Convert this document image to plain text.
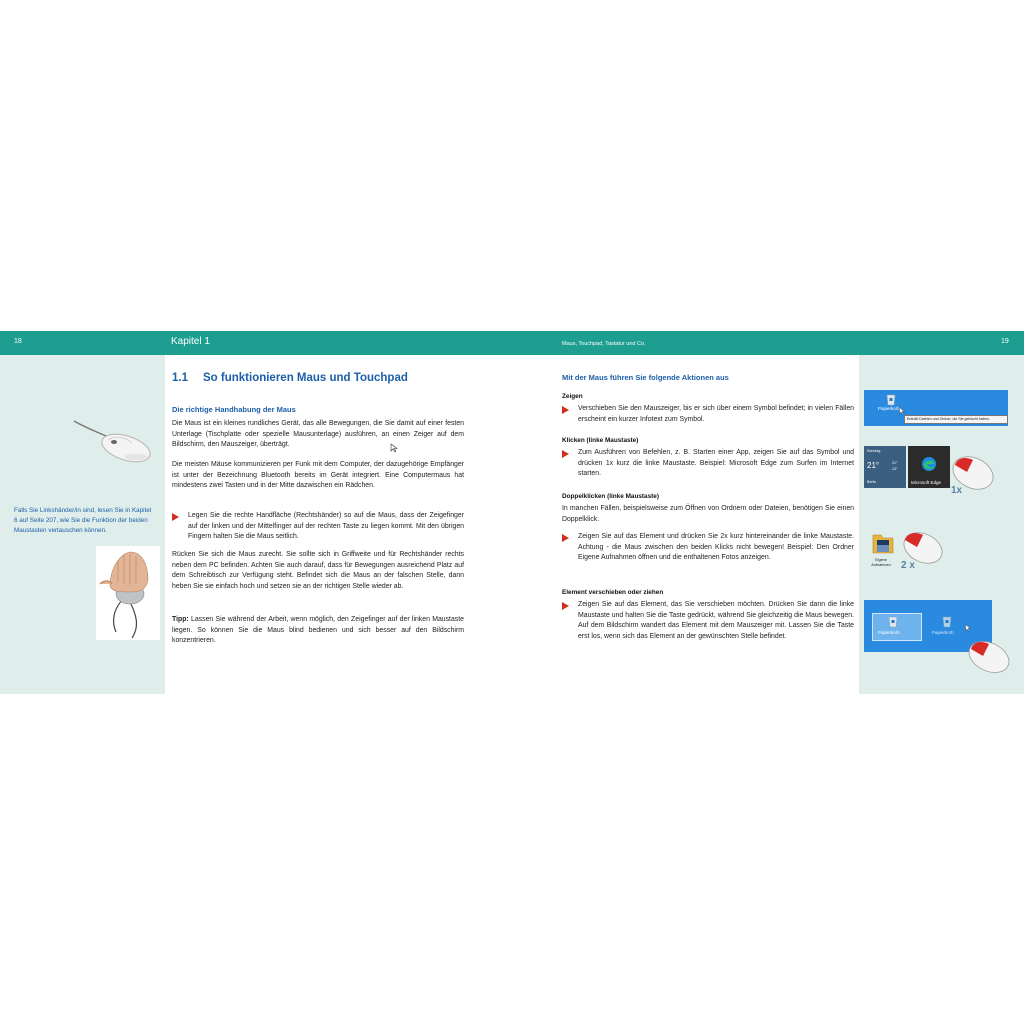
18	Kapitel 1	Maus, Touchpad, Tastatur und Co.	19
Falls Sie Linkshänder/in sind, lesen Sie in Kapitel 6 auf Seite 207, wie Sie die Funktion der beiden Maustasten vertauschen können.
1.1 So funktionieren Maus und Touchpad
Die richtige Handhabung der Maus
Die Maus ist ein kleines rundliches Gerät, das alle Bewegungen, die Sie damit auf einer festen Unterlage (Tischplatte oder spezielle Mausunterlage) ausführen, an einen Zeiger auf dem Bildschirm, den Mauszeiger, überträgt.
Die meisten Mäuse kommunizieren per Funk mit dem Computer, der dazugehörige Empfänger ist unter der Bezeichnung Bluetooth bereits im Gerät integriert. Eine Computermaus hat mindestens zwei Tasten und in der Mitte dazwischen ein Rädchen.
Legen Sie die rechte Handfläche (Rechtshänder) so auf die Maus, dass der Zeigefinger auf der linken und der Mittelfinger auf der rechten Taste zu liegen kommt. Mit den übrigen Fingern halten Sie die Maus seitlich.
Rücken Sie sich die Maus zurecht. Sie sollte sich in Griffweite und für Rechtshänder rechts neben dem PC befinden. Achten Sie auch darauf, dass für Bewegungen ausreichend Platz auf dem Schreibtisch zur Verfügung steht. Befindet sich die Maus an der falschen Stelle, dann heben Sie sie einfach hoch und setzen sie an der richtigen Stelle wieder ab.
Tipp: Lassen Sie während der Arbeit, wenn möglich, den Zeigefinger auf der linken Maustaste liegen. So können Sie die Maus blind bedienen und sich besser auf den Bildschirm konzentrieren.
Mit der Maus führen Sie folgende Aktionen aus
Zeigen
Verschieben Sie den Mauszeiger, bis er sich über einem Symbol befindet; in vielen Fällen erscheint ein kurzer Infotext zum Symbol.
Klicken (linke Maustaste)
Zum Ausführen von Befehlen, z. B. Starten einer App, zeigen Sie auf das Symbol und drücken 1x kurz die linke Maustaste. Beispiel: Microsoft Edge zum Surfen im Internet starten.
Doppelklicken (linke Maustaste)
In manchen Fällen, beispielsweise zum Öffnen von Ordnern oder Dateien, benötigen Sie einen Doppelklick.
Zeigen Sie auf das Element und drücken Sie 2x kurz hintereinander die linke Maustaste. Achtung - die Maus zwischen den beiden Klicks nicht bewegen! Beispiel: Den Ordner Eigene Aufnahmen öffnen und die enthaltenen Fotos anzeigen.
Element verschieben oder ziehen
Zeigen Sie auf das Element, das Sie verschieben möchten. Drücken Sie dann die linke Maustaste und halten Sie die Taste gedrückt, während Sie gleichzeitig die Maus bewegen. Auf dem Bildschirm wandert das Element mit dem Mauszeiger mit. Lassen Sie die Taste erst los, wenn sich das Element an der gewünschten Stelle befindet.
Papierkorb
Enthält Dateien und Ordner, die Sie gelöscht haben.
Sonntag
21°	21°
13°
Berlin	Microsoft Edge
1x
Eigene Aufnahmen 2 x
Papierkorb	Papierkorb
